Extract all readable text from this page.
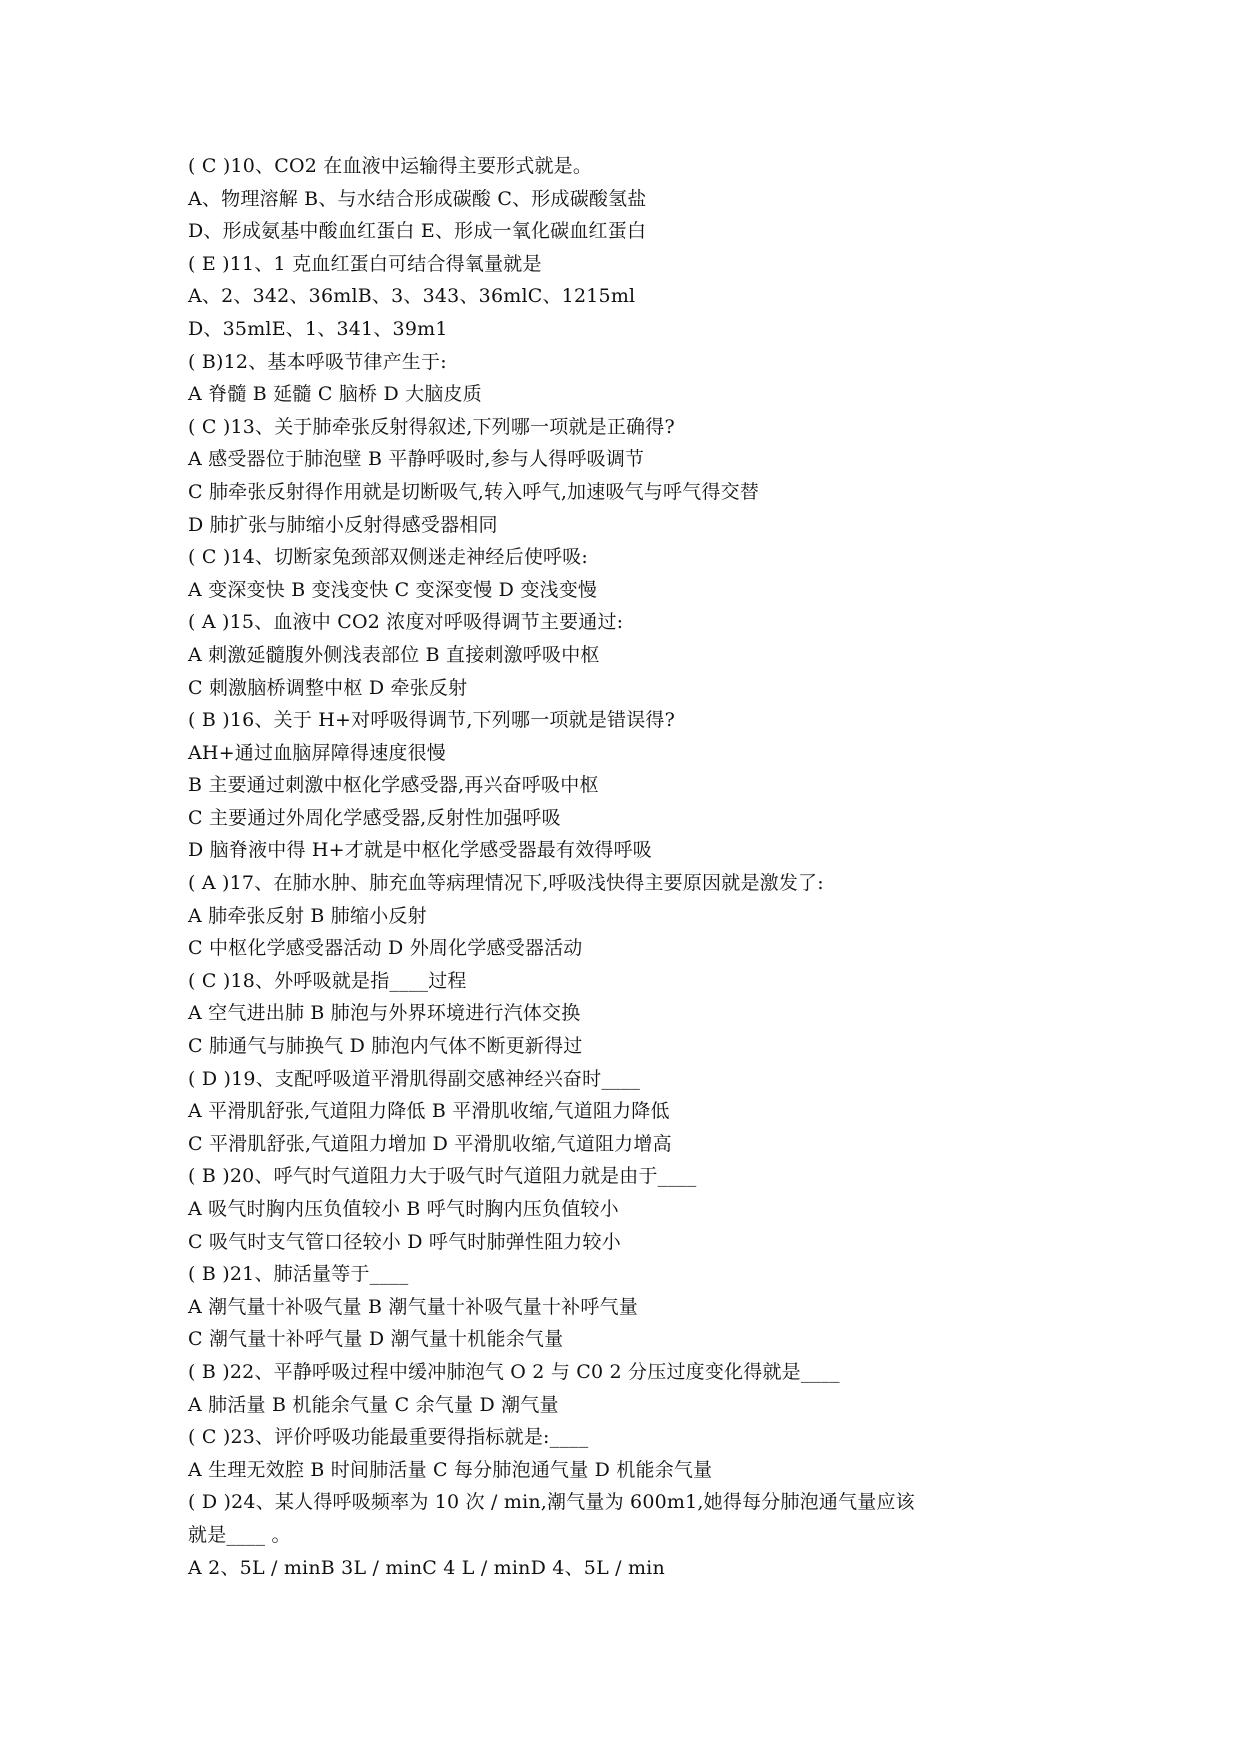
( C )10、CO2 在血液中运输得主要形式就是。
A、物理溶解 B、与水结合形成碳酸 C、形成碳酸氢盐
D、形成氨基中酸血红蛋白 E、形成一氧化碳血红蛋白
( E )11、1 克血红蛋白可结合得氧量就是
A、2、342、36mlB、3、343、36mlC、1215ml
D、35mlE、1、341、39m1
( B)12、基本呼吸节律产生于:
A 脊髓 B 延髓 C 脑桥 D 大脑皮质
( C )13、关于肺牵张反射得叙述,下列哪一项就是正确得?
A 感受器位于肺泡壁 B 平静呼吸时,参与人得呼吸调节
C 肺牵张反射得作用就是切断吸气,转入呼气,加速吸气与呼气得交替
D 肺扩张与肺缩小反射得感受器相同
( C )14、切断家兔颈部双侧迷走神经后使呼吸:
A 变深变快 B 变浅变快 C 变深变慢 D 变浅变慢
( A )15、血液中 CO2 浓度对呼吸得调节主要通过:
A 刺激延髓腹外侧浅表部位 B 直接刺激呼吸中枢
C 刺激脑桥调整中枢 D 牵张反射
( B )16、关于 H+对呼吸得调节,下列哪一项就是错误得?
AH+通过血脑屏障得速度很慢
B 主要通过刺激中枢化学感受器,再兴奋呼吸中枢
C 主要通过外周化学感受器,反射性加强呼吸
D 脑脊液中得 H+才就是中枢化学感受器最有效得呼吸
( A )17、在肺水肿、肺充血等病理情况下,呼吸浅快得主要原因就是激发了:
A 肺牵张反射 B 肺缩小反射
C 中枢化学感受器活动 D 外周化学感受器活动
( C )18、外呼吸就是指____过程
A 空气进出肺 B 肺泡与外界环境进行汽体交换
C 肺通气与肺换气 D 肺泡内气体不断更新得过
( D )19、支配呼吸道平滑肌得副交感神经兴奋时____
A 平滑肌舒张,气道阻力降低 B 平滑肌收缩,气道阻力降低
C 平滑肌舒张,气道阻力增加 D 平滑肌收缩,气道阻力增高
( B )20、呼气时气道阻力大于吸气时气道阻力就是由于____
A 吸气时胸内压负值较小 B 呼气时胸内压负值较小
C 吸气时支气管口径较小 D 呼气时肺弹性阻力较小
( B )21、肺活量等于____
A 潮气量十补吸气量 B 潮气量十补吸气量十补呼气量
C 潮气量十补呼气量 D 潮气量十机能余气量
( B )22、平静呼吸过程中缓冲肺泡气 O 2 与 C0 2 分压过度变化得就是____
A 肺活量 B 机能余气量 C 余气量 D 潮气量
( C )23、评价呼吸功能最重要得指标就是:____
A 生理无效腔 B 时间肺活量 C 每分肺泡通气量 D 机能余气量
( D )24、某人得呼吸频率为 10 次 / min,潮气量为 600m1,她得每分肺泡通气量应该
就是____ 。
A 2、5L / minB 3L / minC 4 L / minD 4、5L / min
